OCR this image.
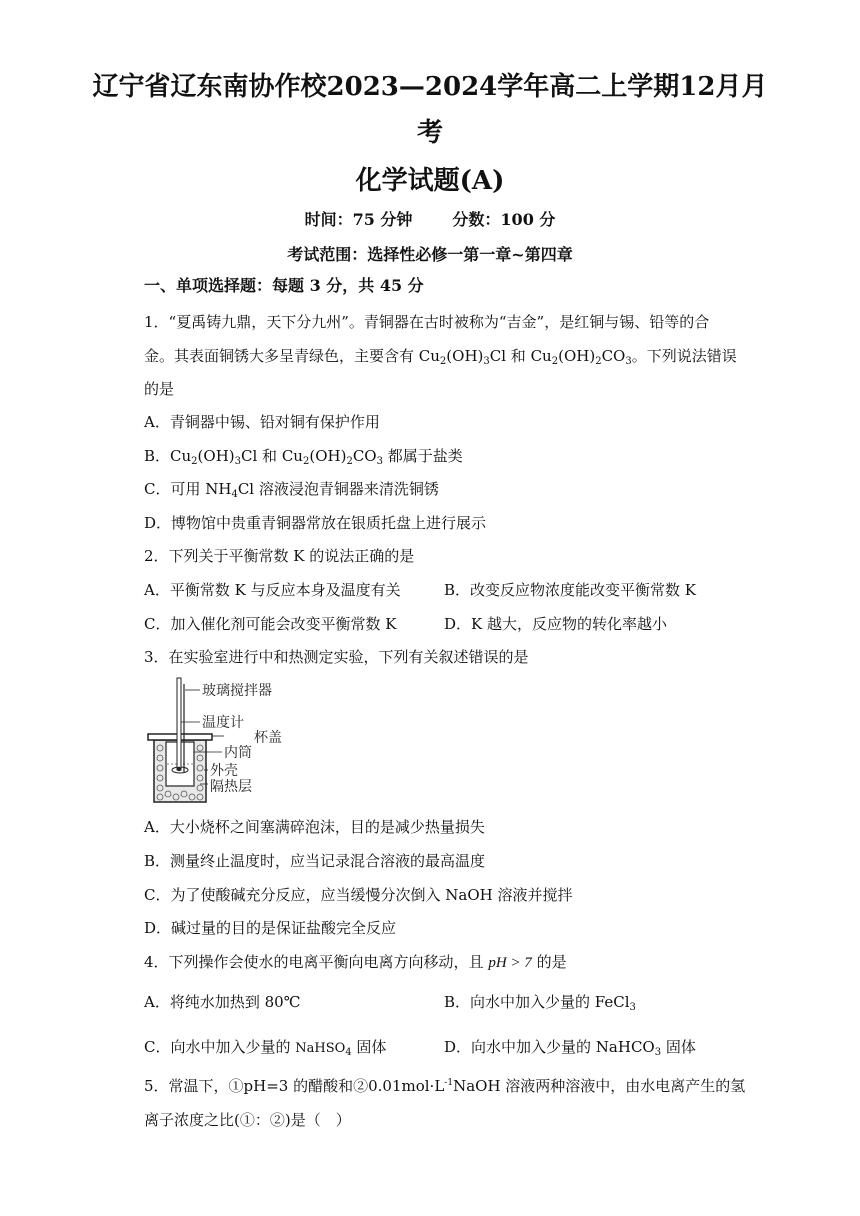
辽宁省辽东南协作校2023—2024学年高二上学期12月月
考
化学试题(A)
时间：75 分钟	分数：100 分
考试范围：选择性必修一第一章~第四章
一、单项选择题：每题 3 分，共 45 分
1．“夏禹铸九鼎，天下分九州”。青铜器在古时被称为“吉金”，是红铜与锡、铅等的合
金。其表面铜锈大多呈青绿色，主要含有 $Cu_2(OH)_3Cl$ 和 $Cu_2(OH)_2CO_3$。下列说法错误
的是
A．青铜器中锡、铅对铜有保护作用
B．$Cu_2(OH)_3Cl$ 和 $Cu_2(OH)_2CO_3$ 都属于盐类
C．可用 $NH_4Cl$ 溶液浸泡青铜器来清洗铜锈
D．博物馆中贵重青铜器常放在银质托盘上进行展示
2．下列关于平衡常数 K 的说法正确的是
A．平衡常数 K 与反应本身及温度有关	B．改变反应物浓度能改变平衡常数 K
C．加入催化剂可能会改变平衡常数 K	D．K 越大，反应物的转化率越小
3．在实验室进行中和热测定实验，下列有关叙述错误的是
玻璃搅拌器
温度计
杯盖
内筒
外壳
隔热层
A．大小烧杯之间塞满碎泡沫，目的是减少热量损失
B．测量终止温度时，应当记录混合溶液的最高温度
C．为了使酸碱充分反应，应当缓慢分次倒入 NaOH 溶液并搅拌
D．碱过量的目的是保证盐酸完全反应
4．下列操作会使水的电离平衡向电离方向移动，且 pH > 7 的是
A．将纯水加热到 80℃	B．向水中加入少量的 FeCl$_3$
C．向水中加入少量的 NaHSO$_4$ 固体	D．向水中加入少量的 NaHCO$_3$ 固体
5．常温下，①pH=3 的醋酸和$②0.01mol\cdot L^{-1}NaOH$ 溶液两种溶液中，由水电离产生的氢
离子浓度之比(①：②)是（　）
